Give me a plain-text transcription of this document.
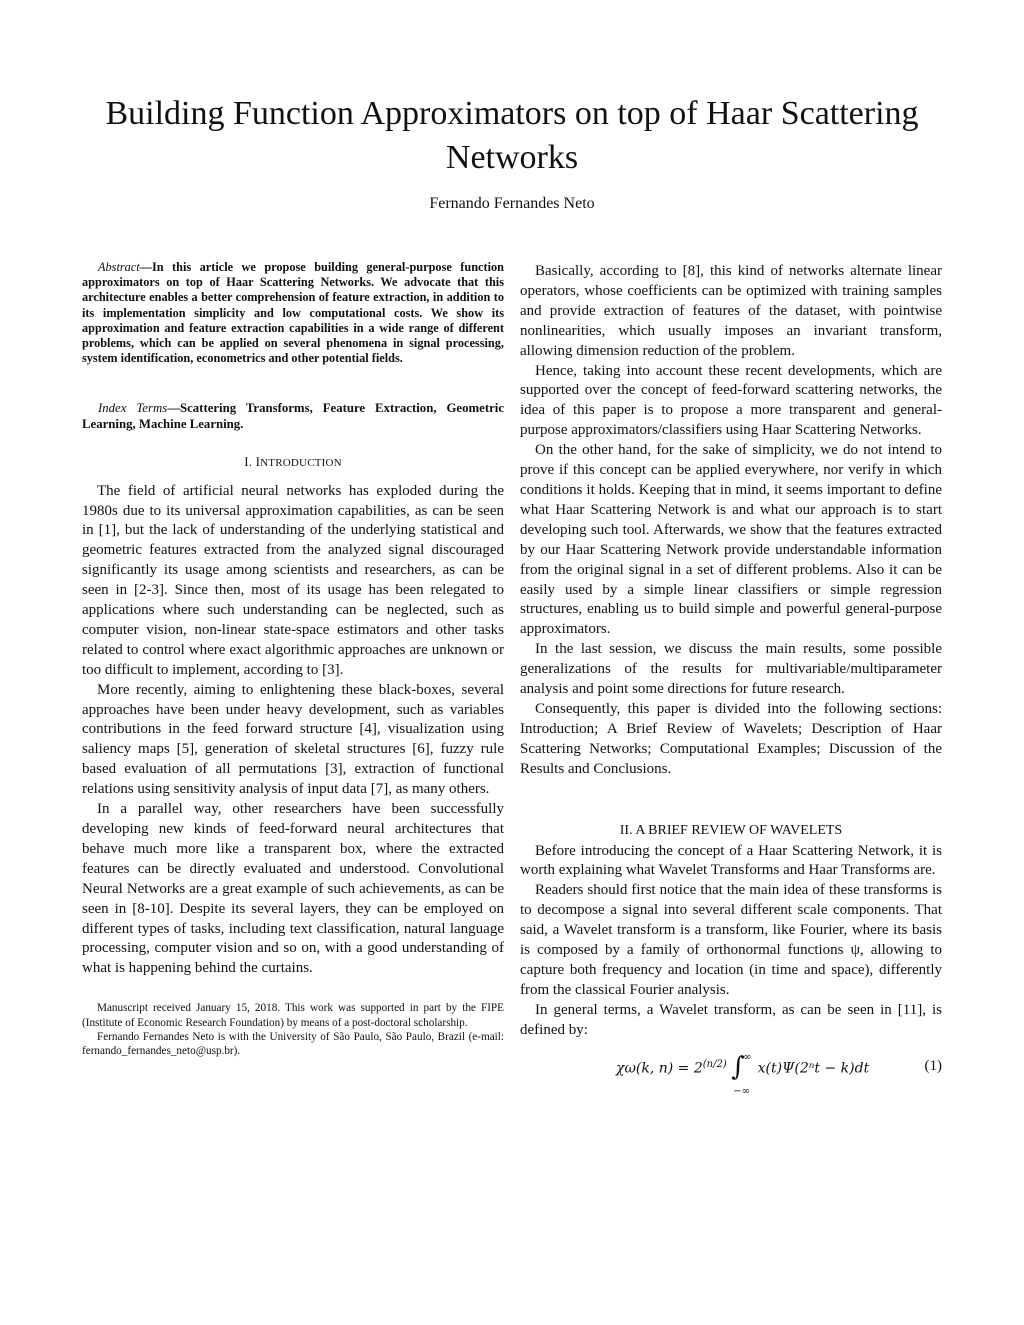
Building Function Approximators on top of Haar Scattering Networks
Fernando Fernandes Neto

Abstract—In this article we propose building general-purpose function approximators on top of Haar Scattering Networks. We advocate that this architecture enables a better comprehension of feature extraction, in addition to its implementation simplicity and low computational costs. We show its approximation and feature extraction capabilities in a wide range of different problems, which can be applied on several phenomena in signal processing, system identification, econometrics and other potential fields.

Index Terms—Scattering Transforms, Feature Extraction, Geometric Learning, Machine Learning.

I. INTRODUCTION

The field of artificial neural networks has exploded during the 1980s due to its universal approximation capabilities, as can be seen in [1], but the lack of understanding of the underlying statistical and geometric features extracted from the analyzed signal discouraged significantly its usage among scientists and researchers, as can be seen in [2-3]. Since then, most of its usage has been relegated to applications where such understanding can be neglected, such as computer vision, non-linear state-space estimators and other tasks related to control where exact algorithmic approaches are unknown or too difficult to implement, according to [3].

More recently, aiming to enlightening these black-boxes, several approaches have been under heavy development, such as variables contributions in the feed forward structure [4], visualization using saliency maps [5], generation of skeletal structures [6], fuzzy rule based evaluation of all permutations [3], extraction of functional relations using sensitivity analysis of input data [7], as many others.

In a parallel way, other researchers have been successfully developing new kinds of feed-forward neural architectures that behave much more like a transparent box, where the extracted features can be directly evaluated and understood. Convolutional Neural Networks are a great example of such achievements, as can be seen in [8-10]. Despite its several layers, they can be employed on different types of tasks, including text classification, natural language processing, computer vision and so on, with a good understanding of what is happening behind the curtains.

Manuscript received January 15, 2018. This work was supported in part by the FIPE (Institute of Economic Research Foundation) by means of a post-doctoral scholarship.

Fernando Fernandes Neto is with the University of São Paulo, São Paulo, Brazil (e-mail: fernando_fernandes_neto@usp.br).

Basically, according to [8], this kind of networks alternate linear operators, whose coefficients can be optimized with training samples and provide extraction of features of the dataset, with pointwise nonlinearities, which usually imposes an invariant transform, allowing dimension reduction of the problem.

Hence, taking into account these recent developments, which are supported over the concept of feed-forward scattering networks, the idea of this paper is to propose a more transparent and general-purpose approximators/classifiers using Haar Scattering Networks.

On the other hand, for the sake of simplicity, we do not intend to prove if this concept can be applied everywhere, nor verify in which conditions it holds. Keeping that in mind, it seems important to define what Haar Scattering Network is and what our approach is to start developing such tool. Afterwards, we show that the features extracted by our Haar Scattering Network provide understandable information from the original signal in a set of different problems. Also it can be easily used by a simple linear classifiers or simple regression structures, enabling us to build simple and powerful general-purpose approximators.

In the last session, we discuss the main results, some possible generalizations of the results for multivariable/multiparameter analysis and point some directions for future research.

Consequently, this paper is divided into the following sections: Introduction; A Brief Review of Wavelets; Description of Haar Scattering Networks; Computational Examples; Discussion of the Results and Conclusions.

II. A BRIEF REVIEW OF WAVELETS

Before introducing the concept of a Haar Scattering Network, it is worth explaining what Wavelet Transforms and Haar Transforms are.

Readers should first notice that the main idea of these transforms is to decompose a signal into several different scale components. That said, a Wavelet transform is a transform, like Fourier, where its basis is composed by a family of orthonormal functions ψ, allowing to capture both frequency and location (in time and space), differently from the classical Fourier analysis.

In general terms, a Wavelet transform, as can be seen in [11], is defined by:

χω(k, $n) = 2^{(n/2)}$ ∫
∞
−∞
x(t)Ψ(2ⁿt − k)dt	(1)
